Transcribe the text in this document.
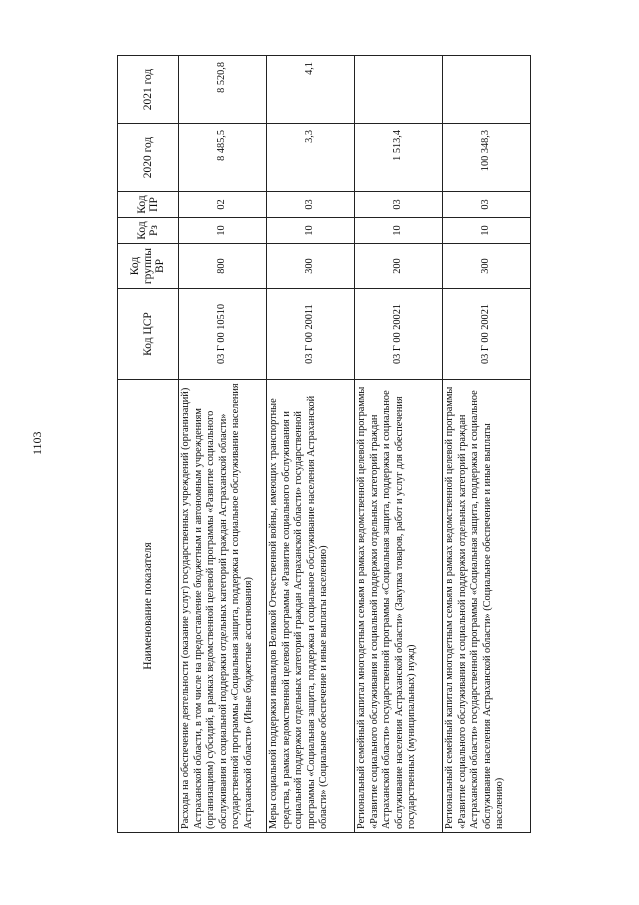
1103
Наименование показателя	Код ЦСР	Код группы ВР	Код Рз	Код ПР	2020 год	2021 год
Расходы на обеспечение деятельности (оказание услуг) государственных учреждений (организаций) Астраханской области, в том числе на предоставление бюджетным и автономным учреждениям (организациям) субсидий, в рамках ведомственной целевой программы «Развитие социального обслуживания и социальной поддержки отдельных категорий граждан Астраханской области» государственной программы «Социальная защита, поддержка и социальное обслуживание населения Астраханской области» (Иные бюджетные ассигнования)	03 Г 00 10510	800	10	02	8 485,5	8 520,8
Меры социальной поддержки инвалидов Великой Отечественной войны, имеющих транспортные средства, в рамках ведомственной целевой программы «Развитие социального обслуживания и социальной поддержки отдельных категорий граждан Астраханской области» государственной программы «Социальная защита, поддержка и социальное обслуживание населения Астраханской области» (Социальное обеспечение и иные выплаты населению)	03 Г 00 20011	300	10	03	3,3	4,1
Региональный семейный капитал многодетным семьям в рамках ведомственной целевой программы «Развитие социального обслуживания и социальной поддержки отдельных категорий граждан Астраханской области» государственной программы «Социальная защита, поддержка и социальное обслуживание населения Астраханской области» (Закупка товаров, работ и услуг для обеспечения государственных (муниципальных) нужд)	03 Г 00 20021	200	10	03	1 513,4	
Региональный семейный капитал многодетным семьям в рамках ведомственной целевой программы «Развитие социального обслуживания и социальной поддержки отдельных категорий граждан Астраханской области» государственной программы «Социальная защита, поддержка и социальное обслуживание населения Астраханской области» (Социальное обеспечение и иные выплаты населению)	03 Г 00 20021	300	10	03	100 348,3	
